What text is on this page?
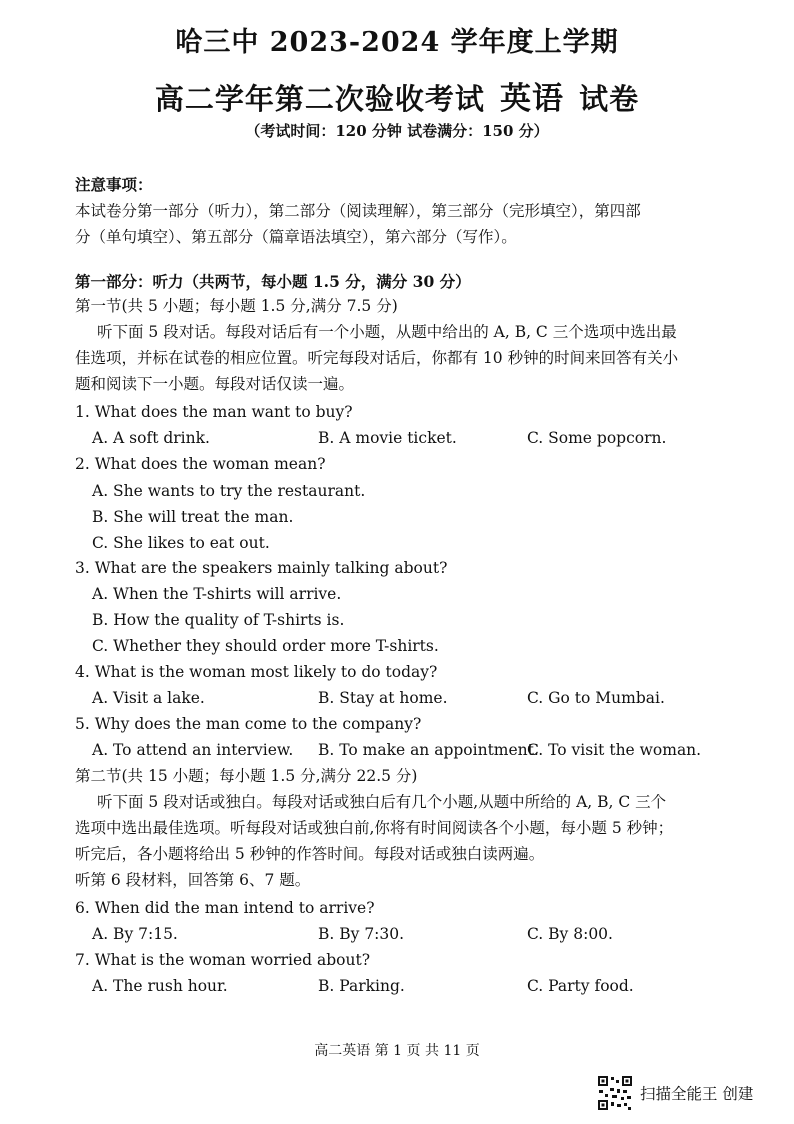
哈三中 2023-2024 学年度上学期
高二学年第二次验收考试 英语 试卷
（考试时间：120 分钟 试卷满分：150 分）
注意事项：
本试卷分第一部分（听力），第二部分（阅读理解），第三部分（完形填空），第四部
分（单句填空）、第五部分（篇章语法填空），第六部分（写作）。
第一部分：听力（共两节，每小题 1.5 分，满分 30 分）
第一节(共 5 小题；每小题 1.5 分,满分 7.5 分)
听下面 5 段对话。每段对话后有一个小题，从题中给出的 A, B, C 三个选项中选出最
佳选项，并标在试卷的相应位置。听完每段对话后，你都有 10 秒钟的时间来回答有关小
题和阅读下一小题。每段对话仅读一遍。
1. What does the man want to buy?
A. A soft drink.	B. A movie ticket.	C. Some popcorn.
2. What does the woman mean?
A. She wants to try the restaurant.
B. She will treat the man.
C. She likes to eat out.
3. What are the speakers mainly talking about?
A. When the T-shirts will arrive.
B. How the quality of T-shirts is.
C. Whether they should order more T-shirts.
4. What is the woman most likely to do today?
A. Visit a lake.	B. Stay at home.	C. Go to Mumbai.
5. Why does the man come to the company?
A. To attend an interview. B. To make an appointment.
C. To visit the woman.
第二节(共 15 小题；每小题 1.5 分,满分 22.5 分)
听下面 5 段对话或独白。每段对话或独白后有几个小题,从题中所给的 A, B, C 三个
选项中选出最佳选项。听每段对话或独白前,你将有时间阅读各个小题，每小题 5 秒钟；
听完后，各小题将给出 5 秒钟的作答时间。每段对话或独白读两遍。
听第 6 段材料，回答第 6、7 题。
6. When did the man intend to arrive?
A. By 7:15.	B. By 7:30.	C. By 8:00.
7. What is the woman worried about?
A. The rush hour.	B. Parking.	C. Party food.
高二英语 第 1 页 共 11 页
扫描全能王 创建
